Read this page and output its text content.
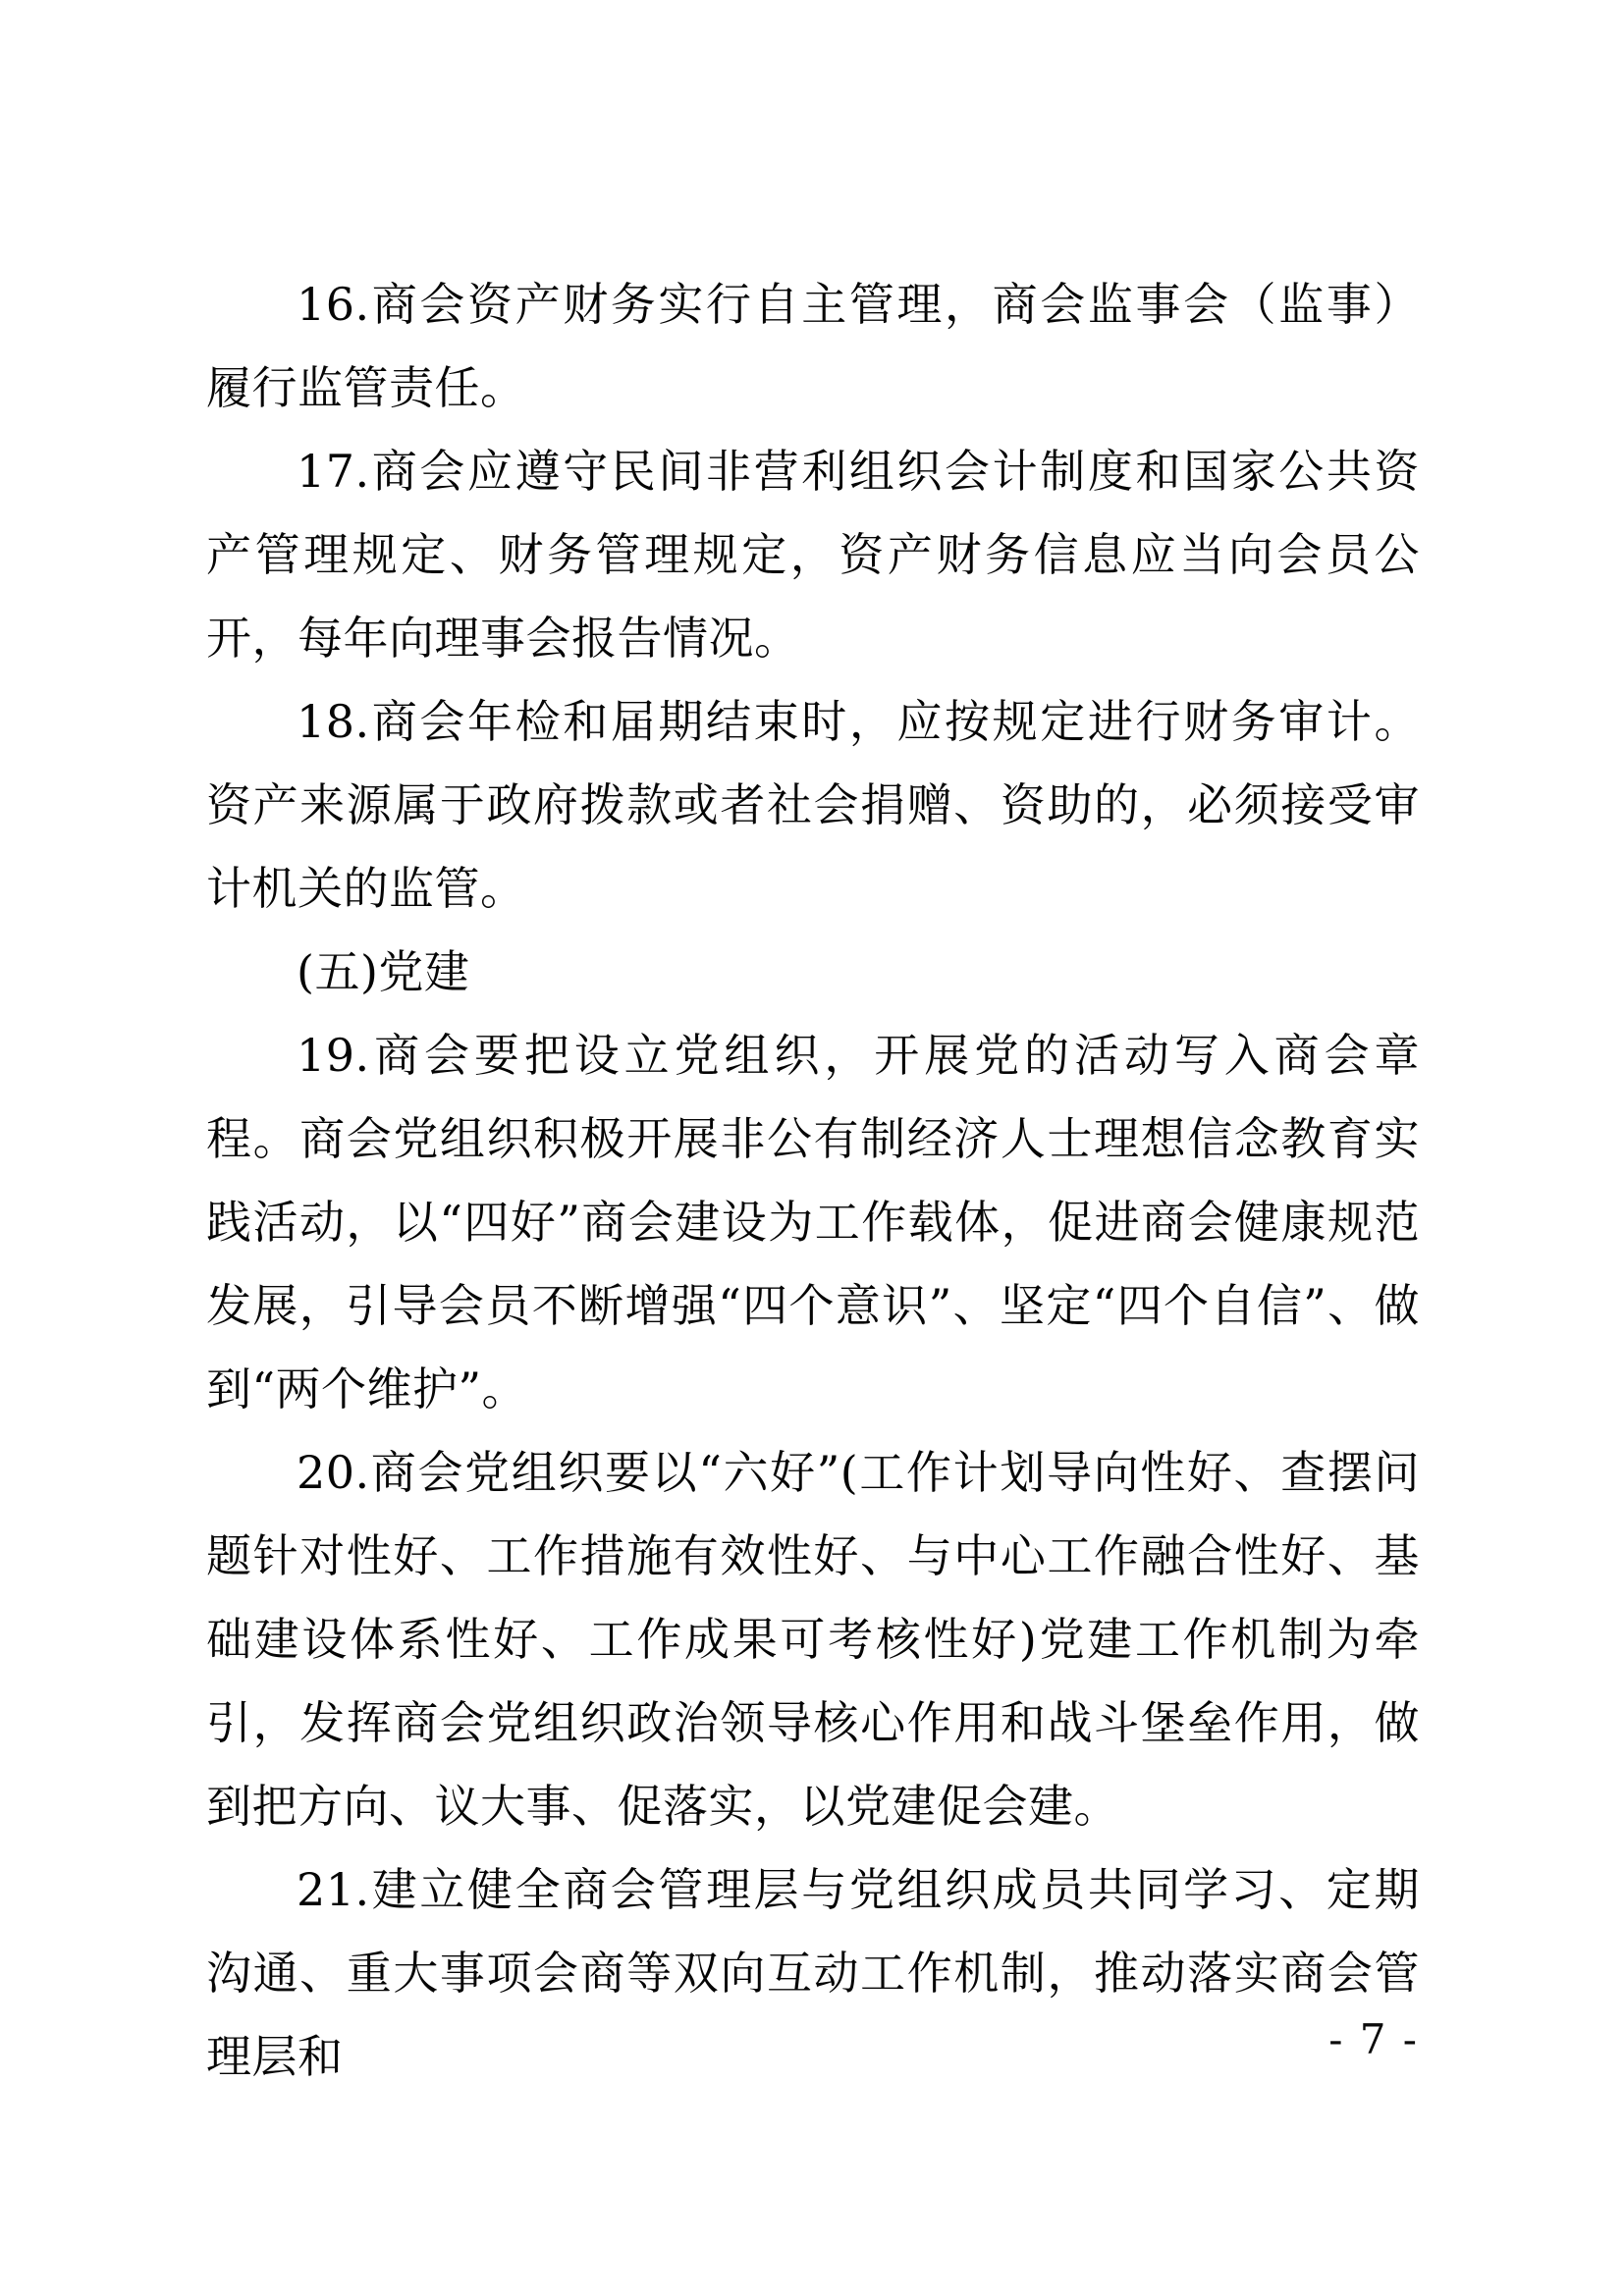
16.商会资产财务实行自主管理，商会监事会（监事）履行监管责任。

17.商会应遵守民间非营利组织会计制度和国家公共资产管理规定、财务管理规定，资产财务信息应当向会员公开，每年向理事会报告情况。

18.商会年检和届期结束时，应按规定进行财务审计。资产来源属于政府拨款或者社会捐赠、资助的，必须接受审计机关的监管。

(五)党建

19.商会要把设立党组织，开展党的活动写入商会章程。商会党组织积极开展非公有制经济人士理想信念教育实践活动，以“四好”商会建设为工作载体，促进商会健康规范发展，引导会员不断增强“四个意识”、坚定“四个自信”、做到“两个维护”。

20.商会党组织要以“六好”(工作计划导向性好、查摆问题针对性好、工作措施有效性好、与中心工作融合性好、基础建设体系性好、工作成果可考核性好)党建工作机制为牵引，发挥商会党组织政治领导核心作用和战斗堡垒作用，做到把方向、议大事、促落实，以党建促会建。

21.建立健全商会管理层与党组织成员共同学习、定期沟通、重大事项会商等双向互动工作机制，推动落实商会管理层和	- 7 -
